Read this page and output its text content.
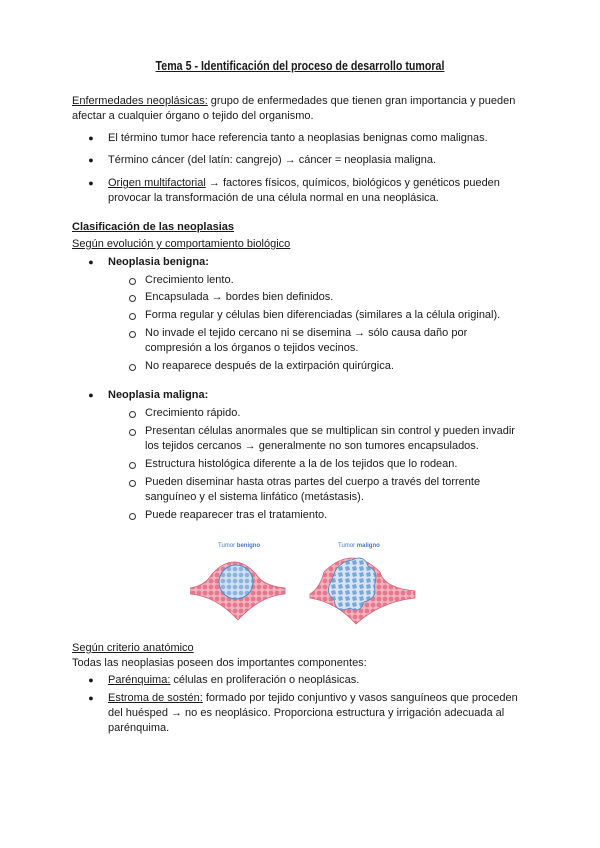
Tema 5 - Identificación del proceso de desarrollo tumoral
Enfermedades neoplásicas: grupo de enfermedades que tienen gran importancia y pueden
afectar a cualquier órgano o tejido del organismo.
● El término tumor hace referencia tanto a neoplasias benignas como malignas.
● Término cáncer (del latín: cangrejo) → cáncer = neoplasia maligna.
● Origen multifactorial → factores físicos, químicos, biológicos y genéticos pueden
provocar la transformación de una célula normal en una neoplásica.
Clasificación de las neoplasias
Según evolución y comportamiento biológico
● Neoplasia benigna:
Crecimiento lento.
Encapsulada → bordes bien definidos.
Forma regular y células bien diferenciadas (similares a la célula original).
No invade el tejido cercano ni se disemina → sólo causa daño por
compresión a los órganos o tejidos vecinos.
No reaparece después de la extirpación quirúrgica.
● Neoplasia maligna:
Crecimiento rápido.
Presentan células anormales que se multiplican sin control y pueden invadir
los tejidos cercanos → generalmente no son tumores encapsulados.
Estructura histológica diferente a la de los tejidos que lo rodean.
Pueden diseminar hasta otras partes del cuerpo a través del torrente
sanguíneo y el sistema linfático (metástasis).
Puede reaparecer tras el tratamiento.
Tumor benigno	Tumor maligno
Según criterio anatómico
Todas las neoplasias poseen dos importantes componentes:
● Parénquima: células en proliferación o neoplásicas.
● Estroma de sostén: formado por tejido conjuntivo y vasos sanguíneos que proceden
del huésped → no es neoplásico. Proporciona estructura y irrigación adecuada al
parénquima.
